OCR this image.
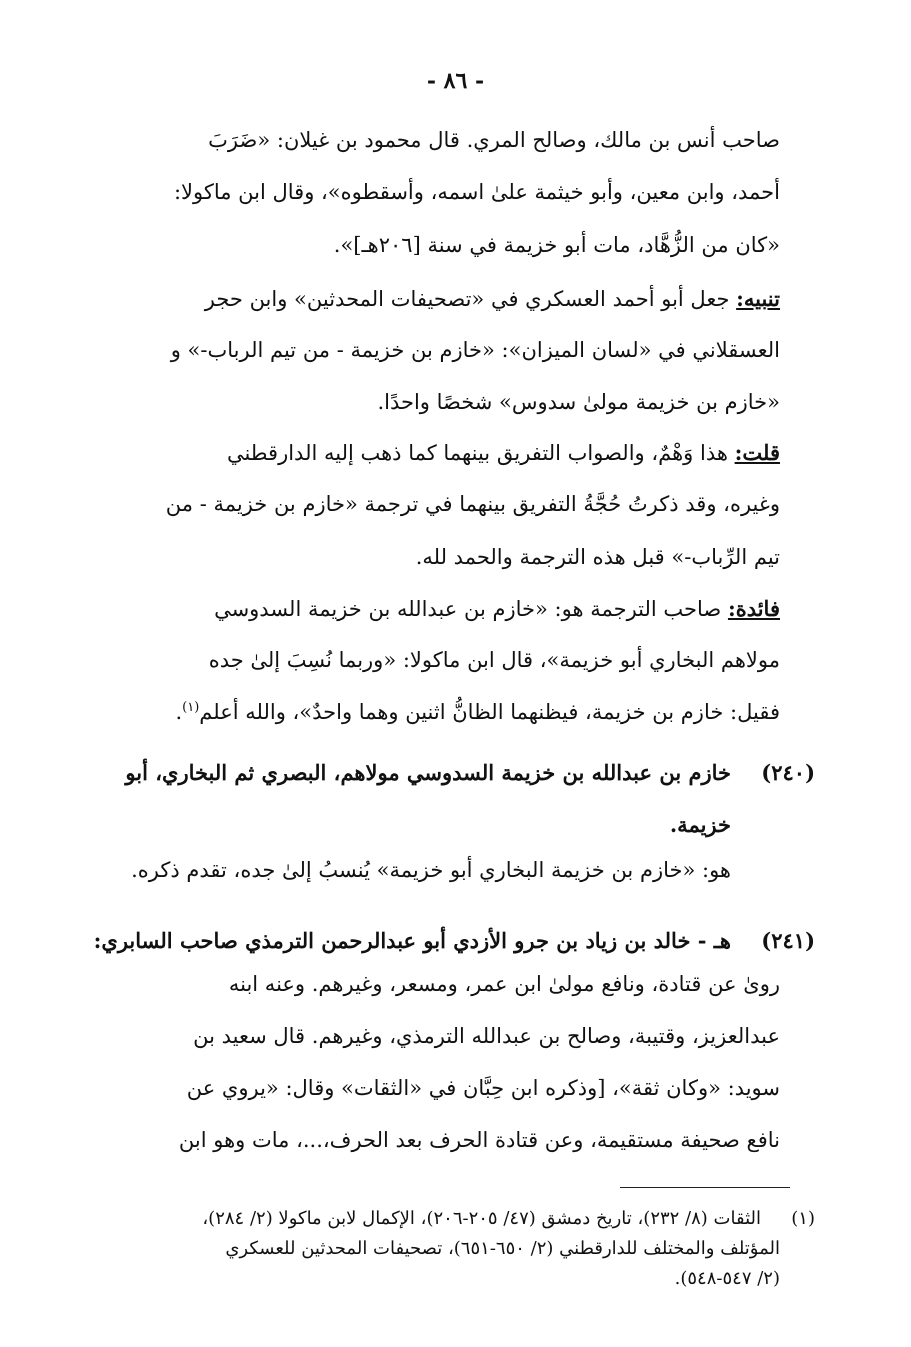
- ٨٦ -
صاحب أنس بن مالك، وصالح المري. قال محمود بن غيلان: «ضَرَبَ
أحمد، وابن معين، وأبو خيثمة علىٰ اسمه، وأسقطوه»، وقال ابن ماكولا:
«كان من الزُّهَّاد، مات أبو خزيمة في سنة [٢٠٦هـ]».
تنبيه: جعل أبو أحمد العسكري في «تصحيفات المحدثين» وابن حجر
العسقلاني في «لسان الميزان»: «خازم بن خزيمة - من تيم الرباب-» و
«خازم بن خزيمة مولىٰ سدوس» شخصًا واحدًا.
قلت: هذا وَهْمٌ، والصواب التفريق بينهما كما ذهب إليه الدارقطني
وغيره، وقد ذكرتُ حُجَّةُ التفريق بينهما في ترجمة «خازم بن خزيمة - من
تيم الرِّباب-» قبل هذه الترجمة والحمد لله.
فائدة: صاحب الترجمة هو: «خازم بن عبدالله بن خزيمة السدوسي
مولاهم البخاري أبو خزيمة»، قال ابن ماكولا: «وربما نُسِبَ إلىٰ جده
فقيل: خازم بن خزيمة، فيظنهما الظانُّ اثنين وهما واحدٌ»، والله أعلم$^{(١)}$.
(٢٤٠)
خازم بن عبدالله بن خزيمة السدوسي مولاهم، البصري ثم البخاري، أبو
خزيمة.
هو: «خازم بن خزيمة البخاري أبو خزيمة» يُنسبُ إلىٰ جده، تقدم ذكره.
(٢٤١)
هـ - خالد بن زياد بن جرو الأزدي أبو عبدالرحمن الترمذي صاحب السابري:
روىٰ عن قتادة، ونافع مولىٰ ابن عمر، ومسعر، وغيرهم. وعنه ابنه
عبدالعزيز، وقتيبة، وصالح بن عبدالله الترمذي، وغيرهم. قال سعيد بن
سويد: «وكان ثقة»، [وذكره ابن حِبَّان في «الثقات» وقال: «يروي عن
نافع صحيفة مستقيمة، وعن قتادة الحرف بعد الحرف،...، مات وهو ابن
(١)
الثقات (٨/ ٢٣٢)، تاريخ دمشق (٤٧/ ٢٠٥-٢٠٦)، الإكمال لابن ماكولا (٢/ ٢٨٤)،
المؤتلف والمختلف للدارقطني (٢/ ٦٥٠-٦٥١)، تصحيفات المحدثين للعسكري
(٢/ ٥٤٧-٥٤٨).
